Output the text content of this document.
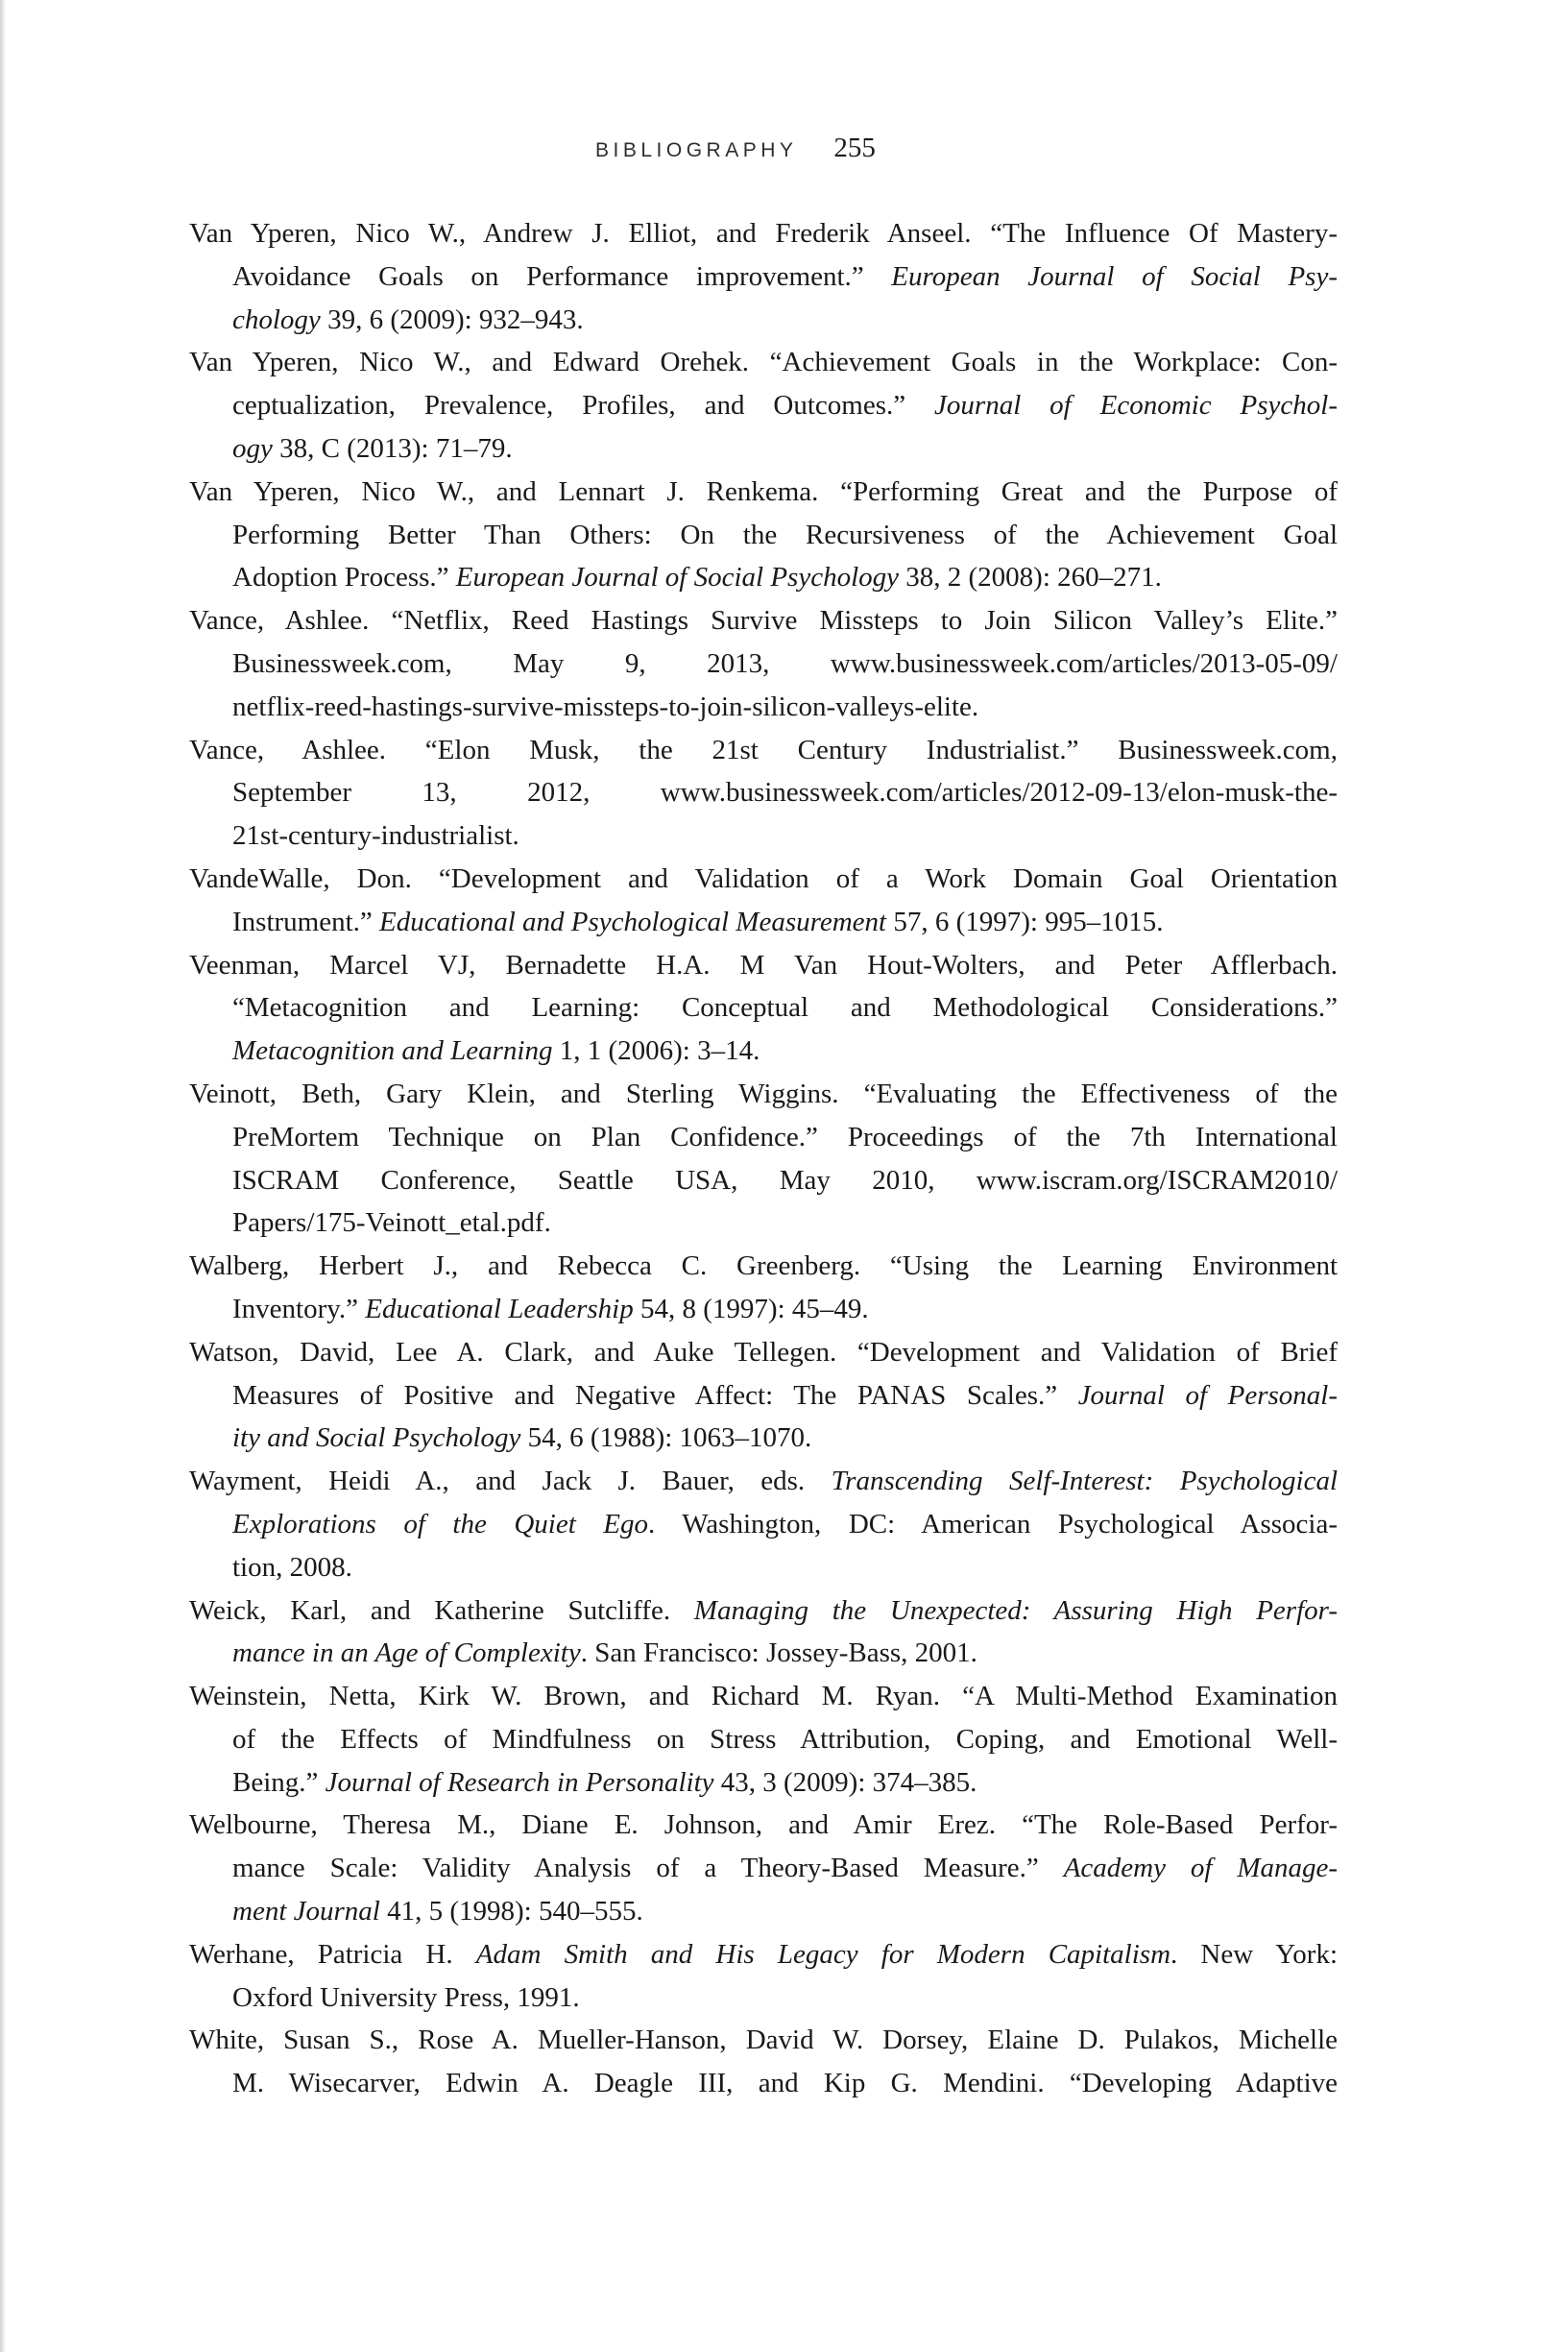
BIBLIOGRAPHY 255
Van Yperen, Nico W., Andrew J. Elliot, and Frederik Anseel. “The Influence Of Mastery-
Avoidance Goals on Performance improvement.” European Journal of Social Psy-
chology 39, 6 (2009): 932–943.
Van Yperen, Nico W., and Edward Orehek. “Achievement Goals in the Workplace: Con-
ceptualization, Prevalence, Profiles, and Outcomes.” Journal of Economic Psychol-
ogy 38, C (2013): 71–79.
Van Yperen, Nico W., and Lennart J. Renkema. “Performing Great and the Purpose of
Performing Better Than Others: On the Recursiveness of the Achievement Goal
Adoption Process.” European Journal of Social Psychology 38, 2 (2008): 260–271.
Vance, Ashlee. “Netflix, Reed Hastings Survive Missteps to Join Silicon Valley’s Elite.”
Businessweek.com, May 9, 2013, www.businessweek.com/articles/2013-05-09/
netflix-reed-hastings-survive-missteps-to-join-silicon-valleys-elite.
Vance, Ashlee. “Elon Musk, the 21st Century Industrialist.” Businessweek.com,
September 13, 2012, www.businessweek.com/articles/2012-09-13/elon-musk-the-
21st-century-industrialist.
VandeWalle, Don. “Development and Validation of a Work Domain Goal Orientation
Instrument.” Educational and Psychological Measurement 57, 6 (1997): 995–1015.
Veenman, Marcel VJ, Bernadette H.A. M Van Hout-Wolters, and Peter Afflerbach.
“Metacognition and Learning: Conceptual and Methodological Considerations.”
Metacognition and Learning 1, 1 (2006): 3–14.
Veinott, Beth, Gary Klein, and Sterling Wiggins. “Evaluating the Effectiveness of the
PreMortem Technique on Plan Confidence.” Proceedings of the 7th International
ISCRAM Conference, Seattle USA, May 2010, www.iscram.org/ISCRAM2010/
Papers/175-Veinott_etal.pdf.
Walberg, Herbert J., and Rebecca C. Greenberg. “Using the Learning Environment
Inventory.” Educational Leadership 54, 8 (1997): 45–49.
Watson, David, Lee A. Clark, and Auke Tellegen. “Development and Validation of Brief
Measures of Positive and Negative Affect: The PANAS Scales.” Journal of Personal-
ity and Social Psychology 54, 6 (1988): 1063–1070.
Wayment, Heidi A., and Jack J. Bauer, eds. Transcending Self-Interest: Psychological
Explorations of the Quiet Ego. Washington, DC: American Psychological Associa-
tion, 2008.
Weick, Karl, and Katherine Sutcliffe. Managing the Unexpected: Assuring High Perfor-
mance in an Age of Complexity. San Francisco: Jossey-Bass, 2001.
Weinstein, Netta, Kirk W. Brown, and Richard M. Ryan. “A Multi-Method Examination
of the Effects of Mindfulness on Stress Attribution, Coping, and Emotional Well-
Being.” Journal of Research in Personality 43, 3 (2009): 374–385.
Welbourne, Theresa M., Diane E. Johnson, and Amir Erez. “The Role-Based Perfor-
mance Scale: Validity Analysis of a Theory-Based Measure.” Academy of Manage-
ment Journal 41, 5 (1998): 540–555.
Werhane, Patricia H. Adam Smith and His Legacy for Modern Capitalism. New York:
Oxford University Press, 1991.
White, Susan S., Rose A. Mueller-Hanson, David W. Dorsey, Elaine D. Pulakos, Michelle
M. Wisecarver, Edwin A. Deagle III, and Kip G. Mendini. “Developing Adaptive
